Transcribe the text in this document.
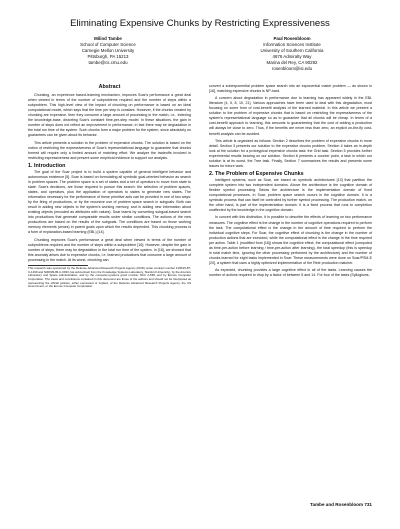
Eliminating Expensive Chunks by Restricting Expressiveness
Milind Tambe
School of Computer Science
Carnegie Mellon University
Pittsburgh, PA 15213
tambe@cs.cmu.edu
Paul Rosenbloom
Information Sciences Institute
University of Southern California
4676 Admiralty Way
Marina del Rey, CA 90292
rosenbloom@isi.edu
Abstract

Chunking, an experience based-learning mechanism, improves Soar's performance a great deal when viewed in terms of the number of subproblems required and the number of steps within a subproblem. This high-level view of the impact of chunking on performance is based on an ideal computational model, which says that the time per step is constant. However, if the chunks created by chunking are expensive, then they consume a large amount of processing in the match, i.e., indexing the knowledge-base, distorting Soar's constant time-per-step model. In these situations, the gain in number of steps does not reflect an improvement in performance; in fact there may be degradation in the total run time of the system. Such chunks form a major problem for the system, since absolutely no guarantees can be given about its behavior.

This article presents a solution to the problem of expensive chunks. The solution is based on the notion of restricting the expressiveness of Soar's representational language to guarantee that chunks formed will require only a limited amount of matching effort. We analyze the tradeoffs involved in restricting expressiveness and present some empirical evidence to support our analysis.

1. Introduction

The goal of the Soar project is to build a system capable of general intelligent behavior and autonomous existence [5]. Soar is based on formulating all symbolic goal-oriented behavior as search in problem spaces. The problem space is a set of states and a set of operators to move from state to state. Soar's decisions, are those required to pursue this search: the selection of problem spaces, states, and operators, plus the application of operators to states to generate new states. The information necessary for the performance of these primitive acts can be provided in one of two ways: by the firing of productions, or by the recursive use of problem space search in subgoals. Both can result in adding new objects to the system's working memory, and in adding new information about existing objects (encoded as attributes with values). Soar learns by converting subgoal-based search into productions that generate comparable results under similar conditions. The actions of the new productions are based on the results of the subgoals. The conditions are based on those working memory elements (wmes) in parent goals upon which the results depended. This chunking process is a form of explanation-based learning (EBL) [14].

Chunking improves Soar's performance a great deal when viewed in terms of the number of subproblems required and the number of steps within a subproblem [16]. However, despite the gain in number of steps, there may be degradation in the total run time of the system. In [16], we showed that this anomaly arises due to expensive chunks, i.e. learned productions that consume a large amount of processing in the match. At its worst, chunking can

This research was sponsored by the Defense Advanced Research Projects Agency (DOD) under contract number F33615-87-C-1499 and N00039-86-C-0033 (via subcontract from the Knowledge Systems Laboratory, Stanford University), by the Avionics Laboratory and Space Administration, and by the computer-systems grant number NCC 2-538, and by Encore Computer Corporation. The views and conclusions contained in this document are those of the authors and should not be interpreted as representing the official policies, either expressed or implied, of the Defense Advanced Research Projects Agency, the US Government, or the Encore Computer Corporation.

convert a subexponential problem space search into an exponential match problem — as shown in [16], matching expensive chunks is NP-hard.

A concern about degradation in performance due to learning has appeared widely in the EBL literature [4, 5, 8, 10, 21]. Various approaches have been used to deal with this degradation, most focusing on some form of cost-benefit analysis of the learned material. In this article we present a solution to the problem of expensive chunks that is based on restricting the expressiveness of the system's representational language so as to guarantee that all chunks will be cheap. In terms of a cost-benefit approach to learning, this amounts to guaranteeing that the cost of adding a production will always be close to zero. Thus, if the benefits are never less than zero, an explicit on-the-fly cost-benefit analysis can be avoided.

This article is organized as follows: Section 2 describes the problem of expensive chunks in more detail. Section 3 presents our solution to the expensive chunks problem. Section 4 takes an in-depth look at the solution for a prototypical expensive chunks task: the Grid task. Section 5 provides further experimental results bearing on our solution. Section 6 presents a counter point, a task in which our solution is at its worst, the Tree task. Finally, Section 7 summarizes the results and presents some issues for future work.

2. The Problem of Expensive Chunks

Intelligent systems, such as Soar, are based on symbolic architectures [13] that partition the complete system into two independent domains. Above the architecture is the cognitive domain of flexible symbol processing. Below the architecture is the implementation domain of fixed computational processes. In Soar, problem space search occurs in the cognitive domain. It is a symbolic process that can itself be controlled by further symbol processing. The production match, on the other hand, is part of the implementation domain. It is a fixed process that runs to completion unaffected by the knowledge in the cognitive domain.

In concert with this distinction, it is possible to describe the effects of learning on two performance measures. The cognitive effect is the change in the number of cognitive operations required to perform the task. The computational effect is the change in the amount of time required to perform the individual cognitive steps. For Soar, the cognitive effect of chunking is the change in the number of production actions that are executed, while the computational effect is the change in the time required per action. Table 1 (modified from [16]) shows the cognitive effect, the computational effect (computed as time-per-action before learning / time-per-action after learning), the total speedup (this is speedup in total match time, ignoring the other processing performed by the architecture) and the number of chunks learned for eight tasks implemented in Soar. These measurements were done on Soar/PSM-E [20], a system that uses a highly optimized implementation of the Rete production matcher.

As expected, chunking provides a large cognitive effect in all of the tasks. Learning causes the number of actions required to drop by a factor of between 5 and 14. For four of the tasks (Syllogisms,

Tambe and Rosenbloom 731
